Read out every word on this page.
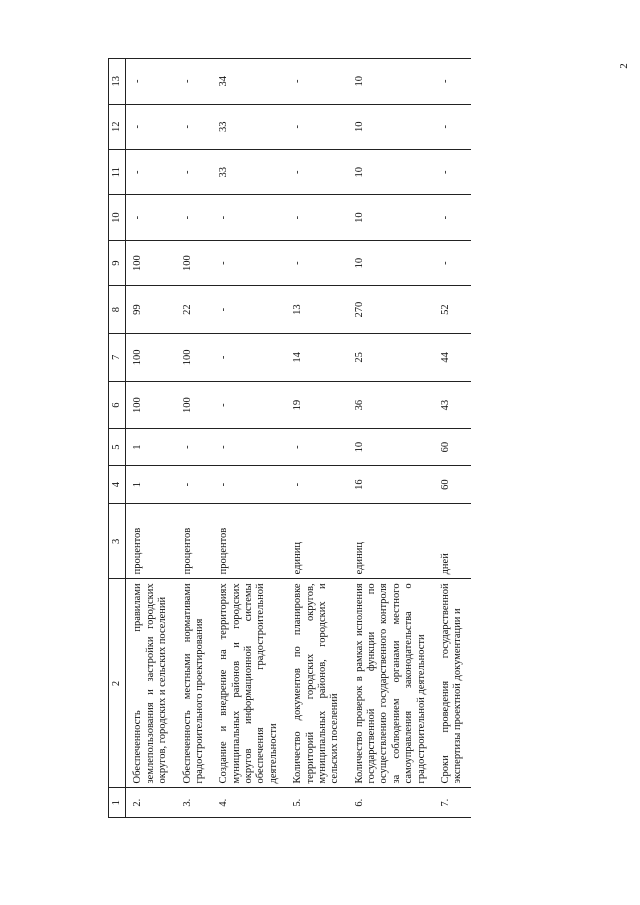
2
1	2	3	4	5	6	7	8	9	10	11	12	13
2.	Обеспеченность правилами землепользования и застройки городских округов, городских и сельских поселений	процентов	1	1	100	100	99	100	-	-	-	-
3.	Обеспеченность местными нормативами градостроительного проектирования	процентов	-	-	100	100	22	100	-	-	-	-
4.	Создание и внедрение на территориях муниципальных районов и городских округов информационной системы обеспечения градостроительной деятельности	процентов	-	-	-	-	-	-	-	33	33	34
5.	Количество документов по планировке территорий городских округов, муниципальных районов, городских и сельских поселений	единиц	-	-	19	14	13	-	-	-	-	-
6.	Количество проверок в рамках исполнения государственной функции по осуществлению государственного контроля за соблюдением органами местного самоуправления законодательства о градостроительной деятельности	единиц	16	10	36	25	270	10	10	10	10	10
7.	Сроки проведения государственной экспертизы проектной документации и	дней	60	60	43	44	52	-	-	-	-	-
